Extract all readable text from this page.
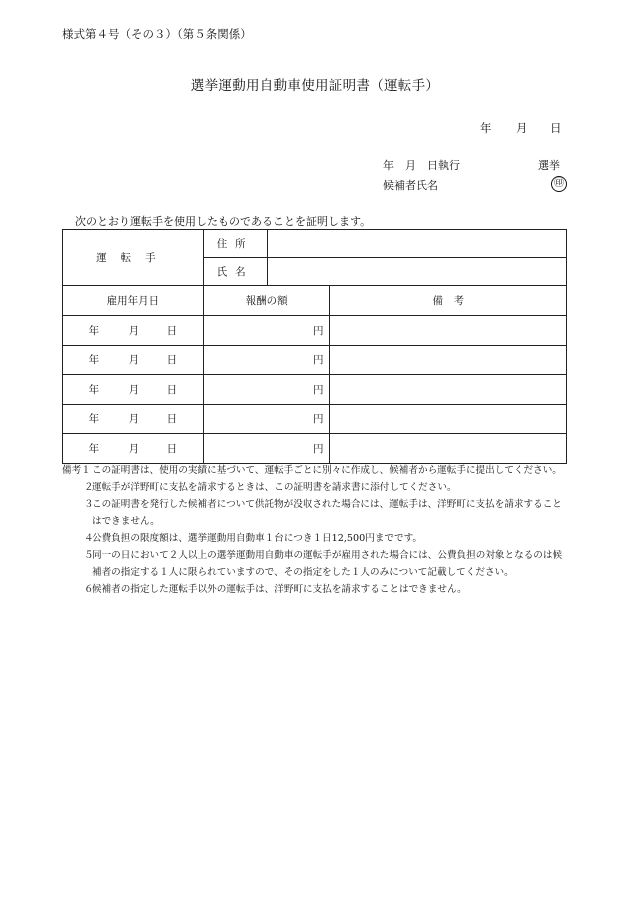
様式第４号（その３）（第５条関係）
選挙運動用自動車使用証明書（運転手）
年 月 日
年　月　日執行	選挙
候補者氏名	㊞
次のとおり運転手を使用したものであることを証明します。
運転手	住所		
	氏名		
雇用年月日	報酬の額		備　考
年 月 日	円		
年 月 日	円		
年 月 日	円		
年 月 日	円		
年 月 日	円		
備考１ この証明書は、使用の実績に基づいて、運転手ごとに別々に作成し、候補者から運転手に提出してください。
２
運転手が洋野町に支払を請求するときは、この証明書を請求書に添付してください。
３
この証明書を発行した候補者について供託物が没収された場合には、運転手は、洋野町に支払を請求することはできません。
４
公費負担の限度額は、選挙運動用自動車１台につき１日12,500円までです。
５
同一の日において２人以上の選挙運動用自動車の運転手が雇用された場合には、公費負担の対象となるのは候補者の指定する１人に限られていますので、その指定をした１人のみについて記載してください。
６
候補者の指定した運転手以外の運転手は、洋野町に支払を請求することはできません。
